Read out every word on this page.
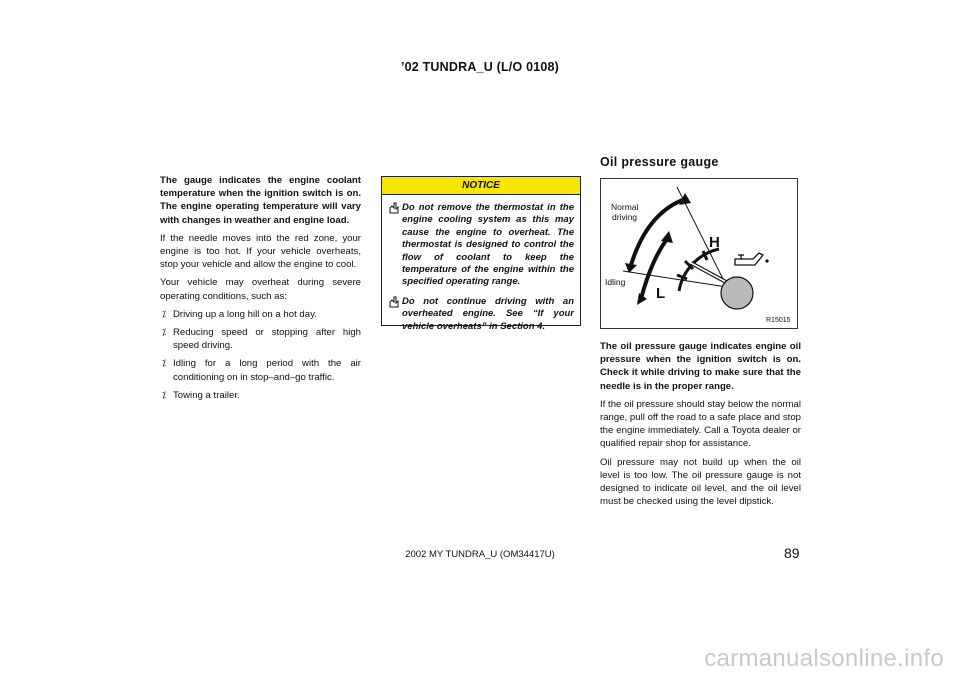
’02 TUNDRA_U (L/O 0108)

The gauge indicates the engine coolant temperature when the ignition switch is on. The engine operating temperature will vary with changes in weather and engine load.

If the needle moves into the red zone, your engine is too hot. If your vehicle overheats, stop your vehicle and allow the engine to cool.

Your vehicle may overheat during severe operating conditions, such as:

⁒ Driving up a long hill on a hot day.
⁒ Reducing speed or stopping after high speed driving.
⁒ Idling for a long period with the air conditioning on in stop–and–go traffic.
⁒ Towing a trailer.
NOTICE
Do not remove the thermostat in the engine cooling system as this may cause the engine to overheat. The thermostat is designed to control the flow of coolant to keep the temperature of the engine within the specified operating range.
Do not continue driving with an overheated engine. See “If your vehicle overheats” in Section 4.
Oil pressure gauge
Normal
driving
Idling
H
L
R15015

The oil pressure gauge indicates engine oil pressure when the ignition switch is on. Check it while driving to make sure that the needle is in the proper range.

If the oil pressure should stay below the normal range, pull off the road to a safe place and stop the engine immediately. Call a Toyota dealer or qualified repair shop for assistance.

Oil pressure may not build up when the oil level is too low. The oil pressure gauge is not designed to indicate oil level, and the oil level must be checked using the level dipstick.

2002 MY TUNDRA_U (OM34417U)	89
carmanualsonline.info
